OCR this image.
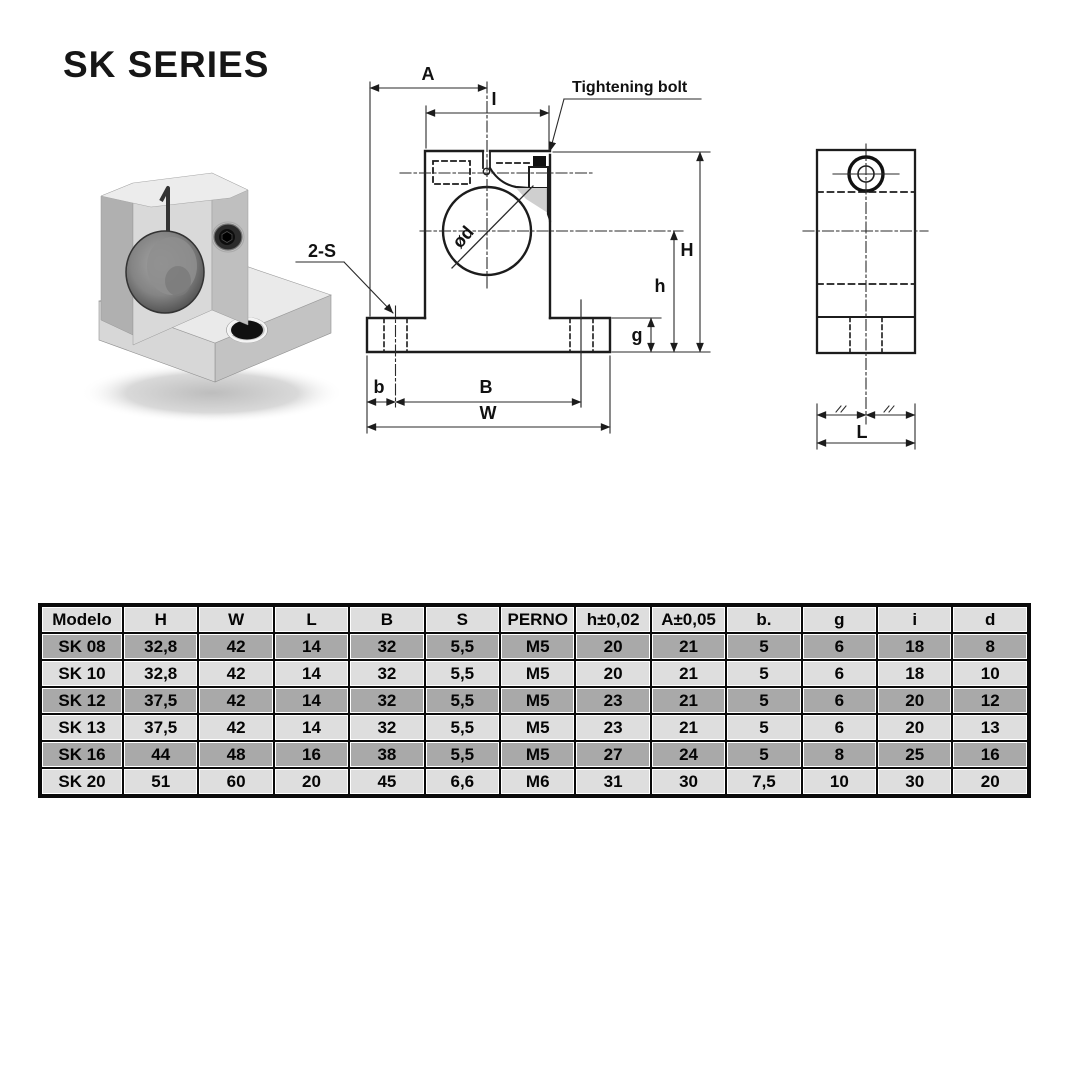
SK SERIES	A
I
Tightening bolt
2-S	ød	H
h
g
b	B
W
L
Modelo	H	W	L	B	S	PERNO	h±0,02	A±0,05	b.	g	i	d
SK 08	32,8	42	14	32	5,5	M5	20	21	5	6	18	8
SK 10	32,8	42	14	32	5,5	M5	20	21	5	6	18	10
SK 12	37,5	42	14	32	5,5	M5	23	21	5	6	20	12
SK 13	37,5	42	14	32	5,5	M5	23	21	5	6	20	13
SK 16	44	48	16	38	5,5	M5	27	24	5	8	25	16
SK 20	51	60	20	45	6,6	M6	31	30	7,5	10	30	20
